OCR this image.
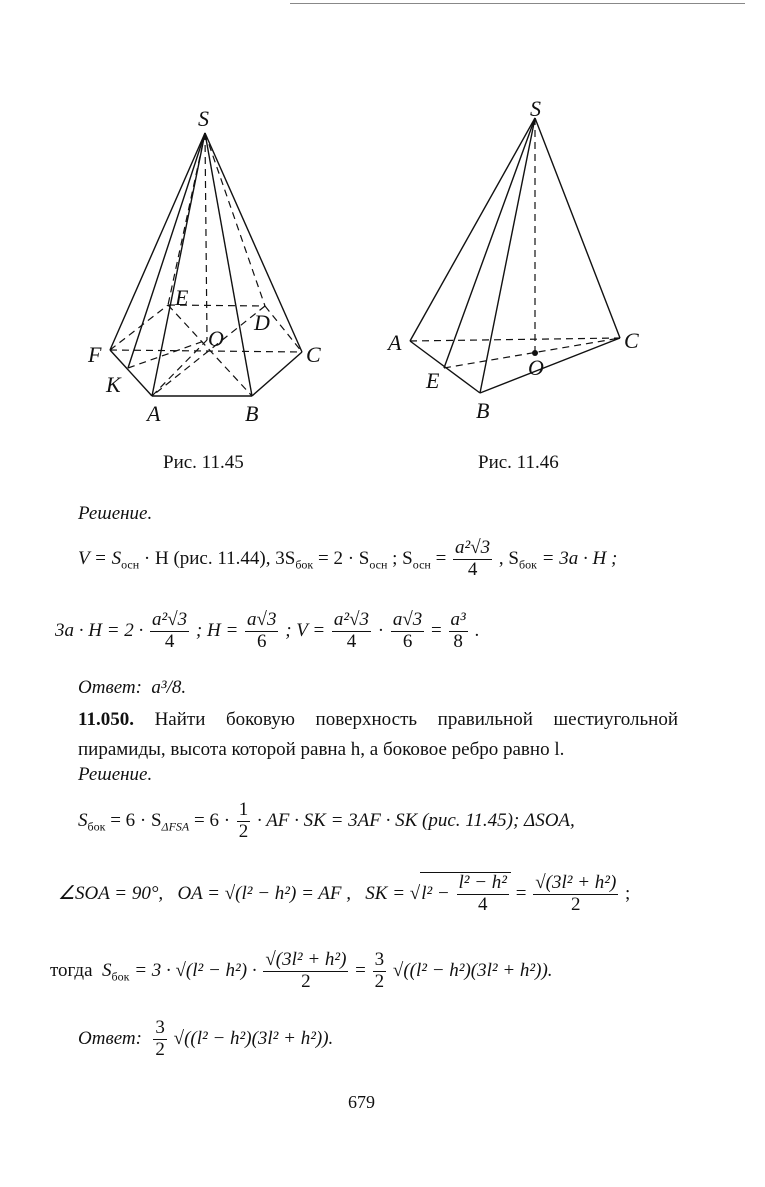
S
E
D
O
F	C
K
A	B
S
A	C
E
O
B
Рис. 11.45	Рис. 11.46
Решение.
$V = S_{осн} \cdot H$ (рис. 11.44), $3S_{бок} = 2 \cdot S_{осн}$ ; $S_{осн} = \frac{\text{a²√3}}{4}$ , $S_{бок} = 3a \cdot H$ ;
$3a \cdot H = 2 \cdot \frac{\text{a²√3}}{4}$ ; $H = \frac{a√3}{6}$ ; $V = \frac{\text{a²√3}}{4} \cdot \frac{a√3}{6} = \frac{\text{a³}}{8}$ .
Ответ: a³/8.
11.050. Найти боковую поверхность правильной шестиугольной пирамиды, высота которой равна h, а боковое ребро равно l.
Решение.
$S_{бок} = 6 \cdot S_{\Delta FSA} = 6 \cdot \frac{1}{2}$ · AF · SK = 3AF · SK (рис. 11.45); ΔSOA,
∠SOA = 90°, OA = √(l² − h²) = AF , SK = $√l^2 - \frac{\text{l² − h²}}{4} = \frac{\text{√(3l² + h²)}}{2}$ ;
тогда $S_{бок} = 3 \cdot √(l^2 - h^2) \cdot \frac{\text{√(3l² + h²)}}{2} = \frac{3}{2} √((l^2 - h^2)(3l^2 + h^2))$.
Ответ: $\frac{3}{2} √((l^2 - h^2)(3l^2 + h^2))$.
679
